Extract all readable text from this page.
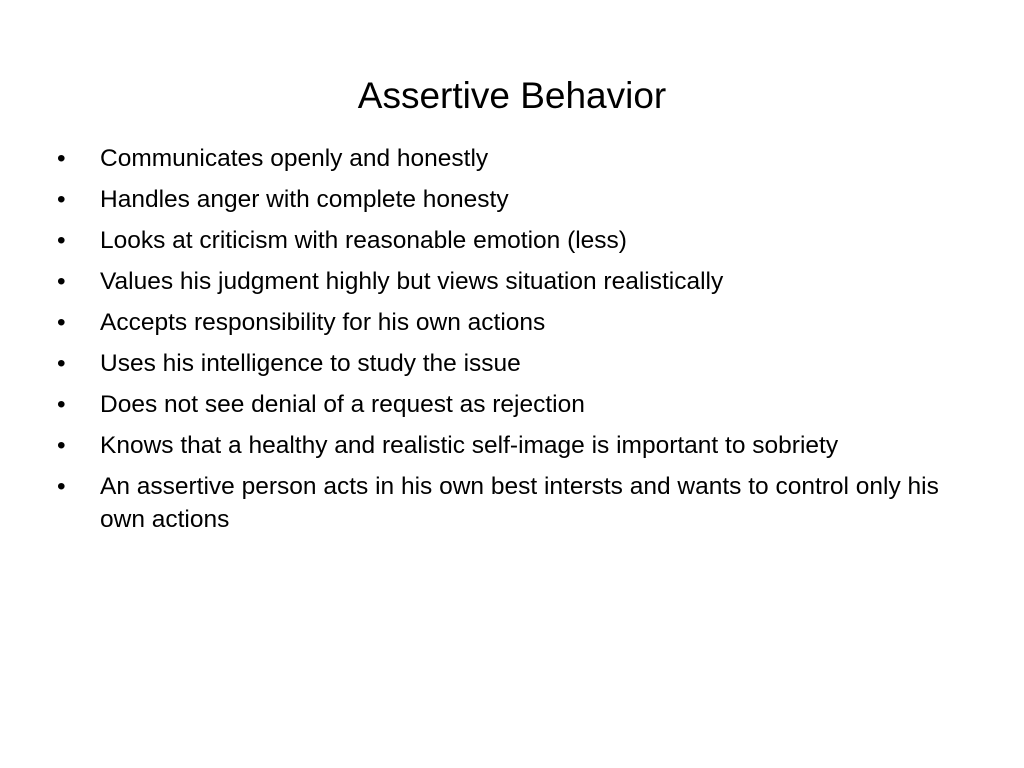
Assertive Behavior
• Communicates openly and honestly
• Handles anger with complete honesty
• Looks at criticism with reasonable emotion (less)
• Values his judgment highly but views situation realistically
• Accepts responsibility for his own actions
• Uses his intelligence to study the issue
• Does not see denial of a request as rejection
• Knows that a healthy and realistic self-image is important to sobriety
• An assertive person acts in his own best intersts and wants to control only his own actions
